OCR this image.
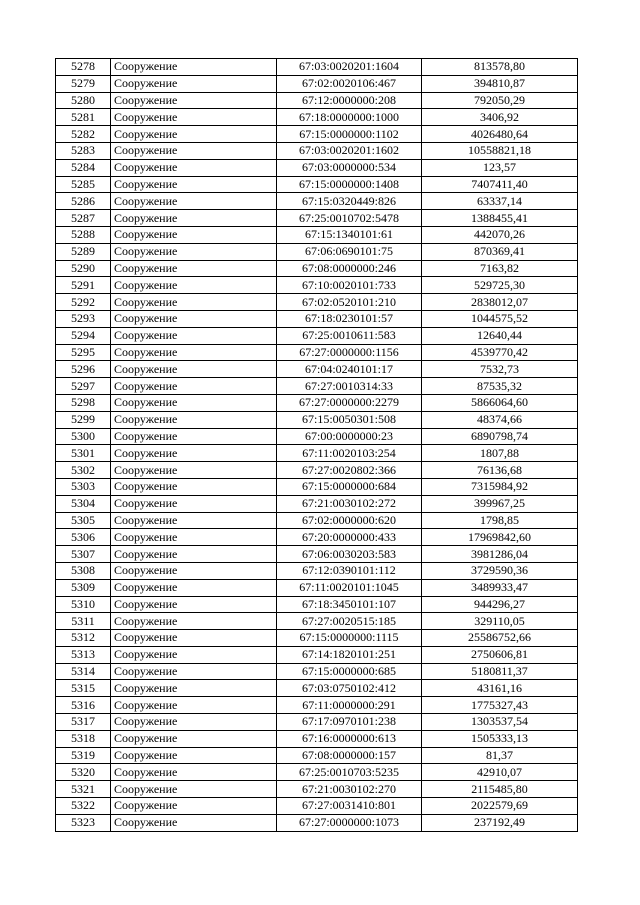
5278	Сооружение	67:03:0020201:1604	813578,80
5279	Сооружение	67:02:0020106:467	394810,87
5280	Сооружение	67:12:0000000:208	792050,29
5281	Сооружение	67:18:0000000:1000	3406,92
5282	Сооружение	67:15:0000000:1102	4026480,64
5283	Сооружение	67:03:0020201:1602	10558821,18
5284	Сооружение	67:03:0000000:534	123,57
5285	Сооружение	67:15:0000000:1408	7407411,40
5286	Сооружение	67:15:0320449:826	63337,14
5287	Сооружение	67:25:0010702:5478	1388455,41
5288	Сооружение	67:15:1340101:61	442070,26
5289	Сооружение	67:06:0690101:75	870369,41
5290	Сооружение	67:08:0000000:246	7163,82
5291	Сооружение	67:10:0020101:733	529725,30
5292	Сооружение	67:02:0520101:210	2838012,07
5293	Сооружение	67:18:0230101:57	1044575,52
5294	Сооружение	67:25:0010611:583	12640,44
5295	Сооружение	67:27:0000000:1156	4539770,42
5296	Сооружение	67:04:0240101:17	7532,73
5297	Сооружение	67:27:0010314:33	87535,32
5298	Сооружение	67:27:0000000:2279	5866064,60
5299	Сооружение	67:15:0050301:508	48374,66
5300	Сооружение	67:00:0000000:23	6890798,74
5301	Сооружение	67:11:0020103:254	1807,88
5302	Сооружение	67:27:0020802:366	76136,68
5303	Сооружение	67:15:0000000:684	7315984,92
5304	Сооружение	67:21:0030102:272	399967,25
5305	Сооружение	67:02:0000000:620	1798,85
5306	Сооружение	67:20:0000000:433	17969842,60
5307	Сооружение	67:06:0030203:583	3981286,04
5308	Сооружение	67:12:0390101:112	3729590,36
5309	Сооружение	67:11:0020101:1045	3489933,47
5310	Сооружение	67:18:3450101:107	944296,27
5311	Сооружение	67:27:0020515:185	329110,05
5312	Сооружение	67:15:0000000:1115	25586752,66
5313	Сооружение	67:14:1820101:251	2750606,81
5314	Сооружение	67:15:0000000:685	5180811,37
5315	Сооружение	67:03:0750102:412	43161,16
5316	Сооружение	67:11:0000000:291	1775327,43
5317	Сооружение	67:17:0970101:238	1303537,54
5318	Сооружение	67:16:0000000:613	1505333,13
5319	Сооружение	67:08:0000000:157	81,37
5320	Сооружение	67:25:0010703:5235	42910,07
5321	Сооружение	67:21:0030102:270	2115485,80
5322	Сооружение	67:27:0031410:801	2022579,69
5323	Сооружение	67:27:0000000:1073	237192,49
